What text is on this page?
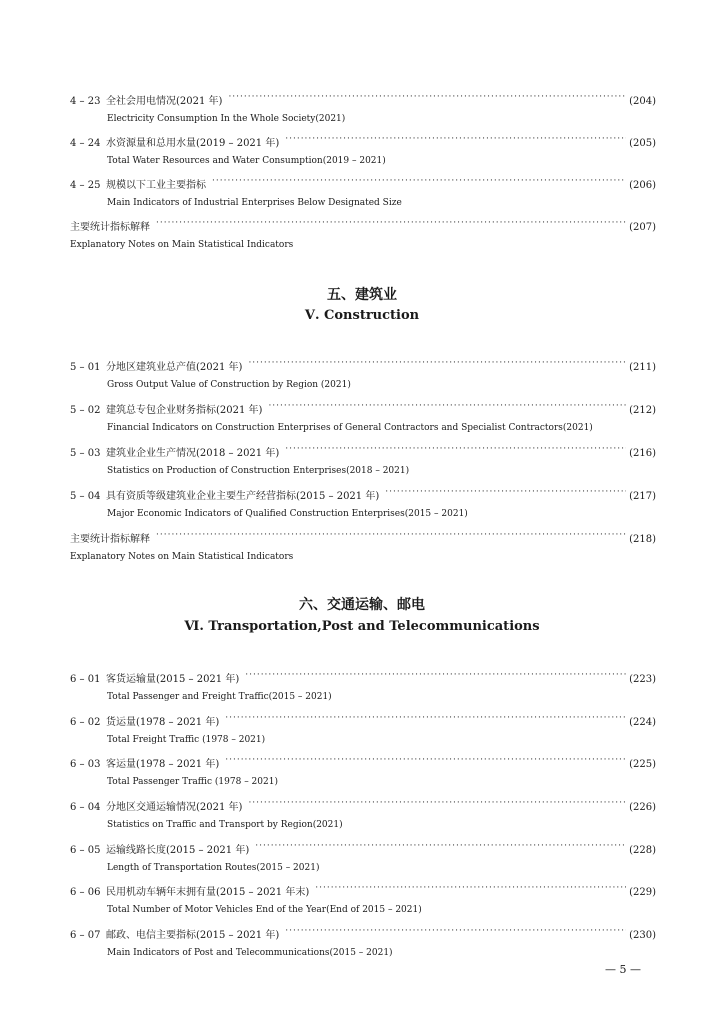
4 – 23 全社会用电情况(2021 年) ·····	(204)
Electricity Consumption In the Whole Society(2021)
4 – 24 水资源量和总用水量(2019 – 2021 年) ·····	(205)
Total Water Resources and Water Consumption(2019 – 2021)
4 – 25 规模以下工业主要指标 ·····	(206)
Main Indicators of Industrial Enterprises Below Designated Size
主要统计指标解释 ·····	(207)
Explanatory Notes on Main Statistical Indicators
五、建筑业
Ⅴ. Construction
5 – 01 分地区建筑业总产值(2021 年) ·····	(211)
Gross Output Value of Construction by Region (2021)
5 – 02 建筑总专包企业财务指标(2021 年) ·····	(212)
Financial Indicators on Construction Enterprises of General Contractors and Specialist Contractors(2021)
5 – 03 建筑业企业生产情况(2018 – 2021 年) ·····	(216)
Statistics on Production of Construction Enterprises(2018 – 2021)
5 – 04 具有资质等级建筑业企业主要生产经营指标(2015 – 2021 年) ·····	(217)
Major Economic Indicators of Qualified Construction Enterprises(2015 – 2021)
主要统计指标解释 ·····	(218)
Explanatory Notes on Main Statistical Indicators
六、交通运输、邮电
Ⅵ. Transportation,Post and Telecommunications
6 – 01 客货运输量(2015 – 2021 年) ·····	(223)
Total Passenger and Freight Traffic(2015 – 2021)
6 – 02 货运量(1978 – 2021 年) ·····	(224)
Total Freight Traffic (1978 – 2021)
6 – 03 客运量(1978 – 2021 年) ·····	(225)
Total Passenger Traffic (1978 – 2021)
6 – 04 分地区交通运输情况(2021 年) ·····	(226)
Statistics on Traffic and Transport by Region(2021)
6 – 05 运输线路长度(2015 – 2021 年) ·····	(228)
Length of Transportation Routes(2015 – 2021)
6 – 06 民用机动车辆年末拥有量(2015 – 2021 年末) ·····	(229)
Total Number of Motor Vehicles End of the Year(End of 2015 – 2021)
6 – 07 邮政、电信主要指标(2015 – 2021 年) ·····	(230)
Main Indicators of Post and Telecommunications(2015 – 2021)
— 5 —
